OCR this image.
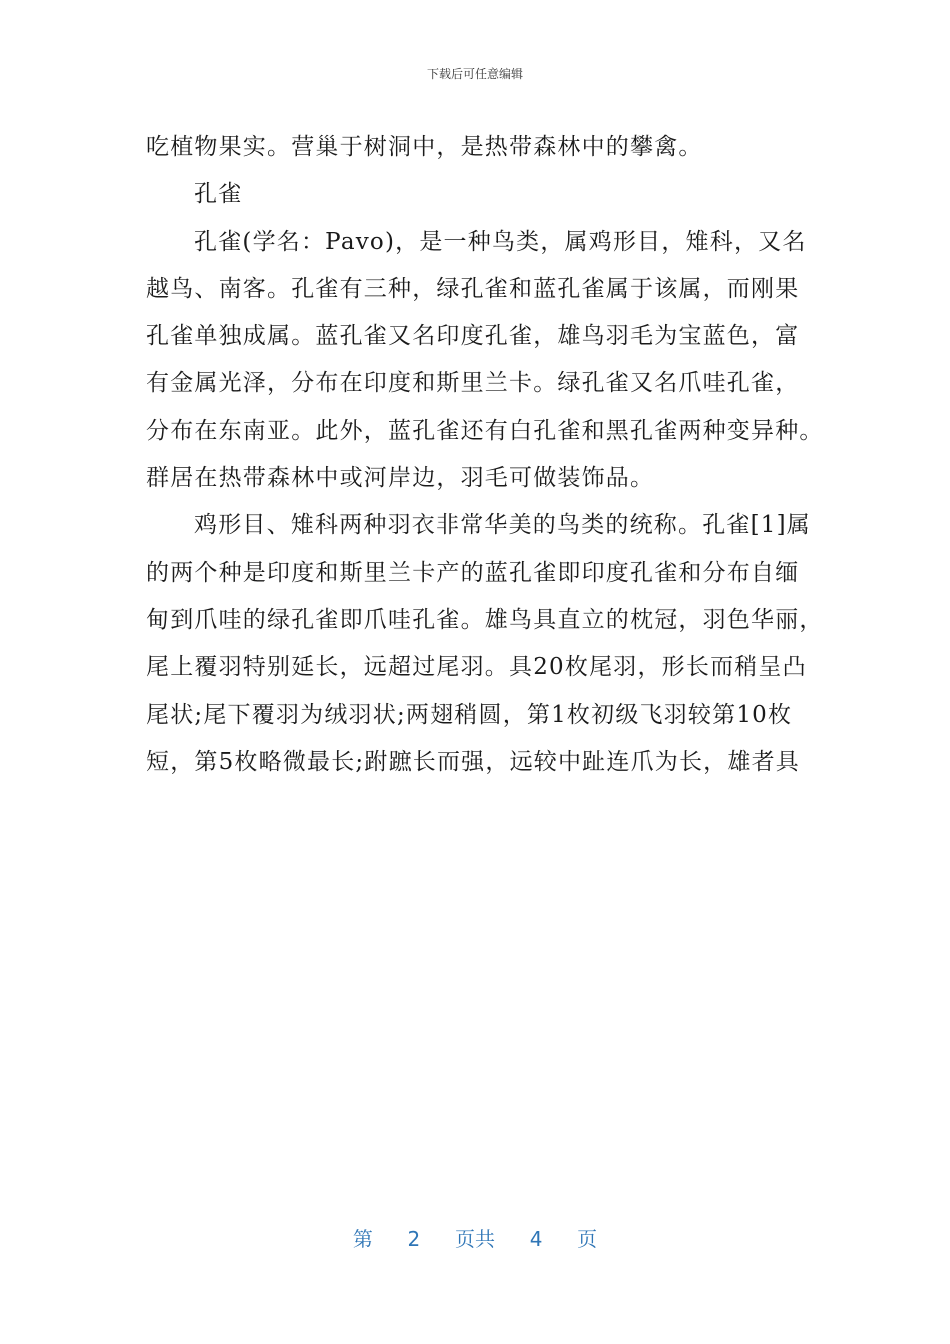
下载后可任意编辑
吃植物果实。营巢于树洞中，是热带森林中的攀禽。
孔雀
孔雀(学名：Pavo)，是一种鸟类，属鸡形目，雉科，又名
越鸟、南客。孔雀有三种，绿孔雀和蓝孔雀属于该属，而刚果
孔雀单独成属。蓝孔雀又名印度孔雀，雄鸟羽毛为宝蓝色，富
有金属光泽，分布在印度和斯里兰卡。绿孔雀又名爪哇孔雀，
分布在东南亚。此外，蓝孔雀还有白孔雀和黑孔雀两种变异种。
群居在热带森林中或河岸边，羽毛可做装饰品。
鸡形目、雉科两种羽衣非常华美的鸟类的统称。孔雀[1]属
的两个种是印度和斯里兰卡产的蓝孔雀即印度孔雀和分布自缅
甸到爪哇的绿孔雀即爪哇孔雀。雄鸟具直立的枕冠，羽色华丽，
尾上覆羽特别延长，远超过尾羽。具20枚尾羽，形长而稍呈凸
尾状;尾下覆羽为绒羽状;两翅稍圆，第1枚初级飞羽较第10枚
短，第5枚略微最长;跗蹠长而强，远较中趾连爪为长，雄者具
第 2 页共 4 页
